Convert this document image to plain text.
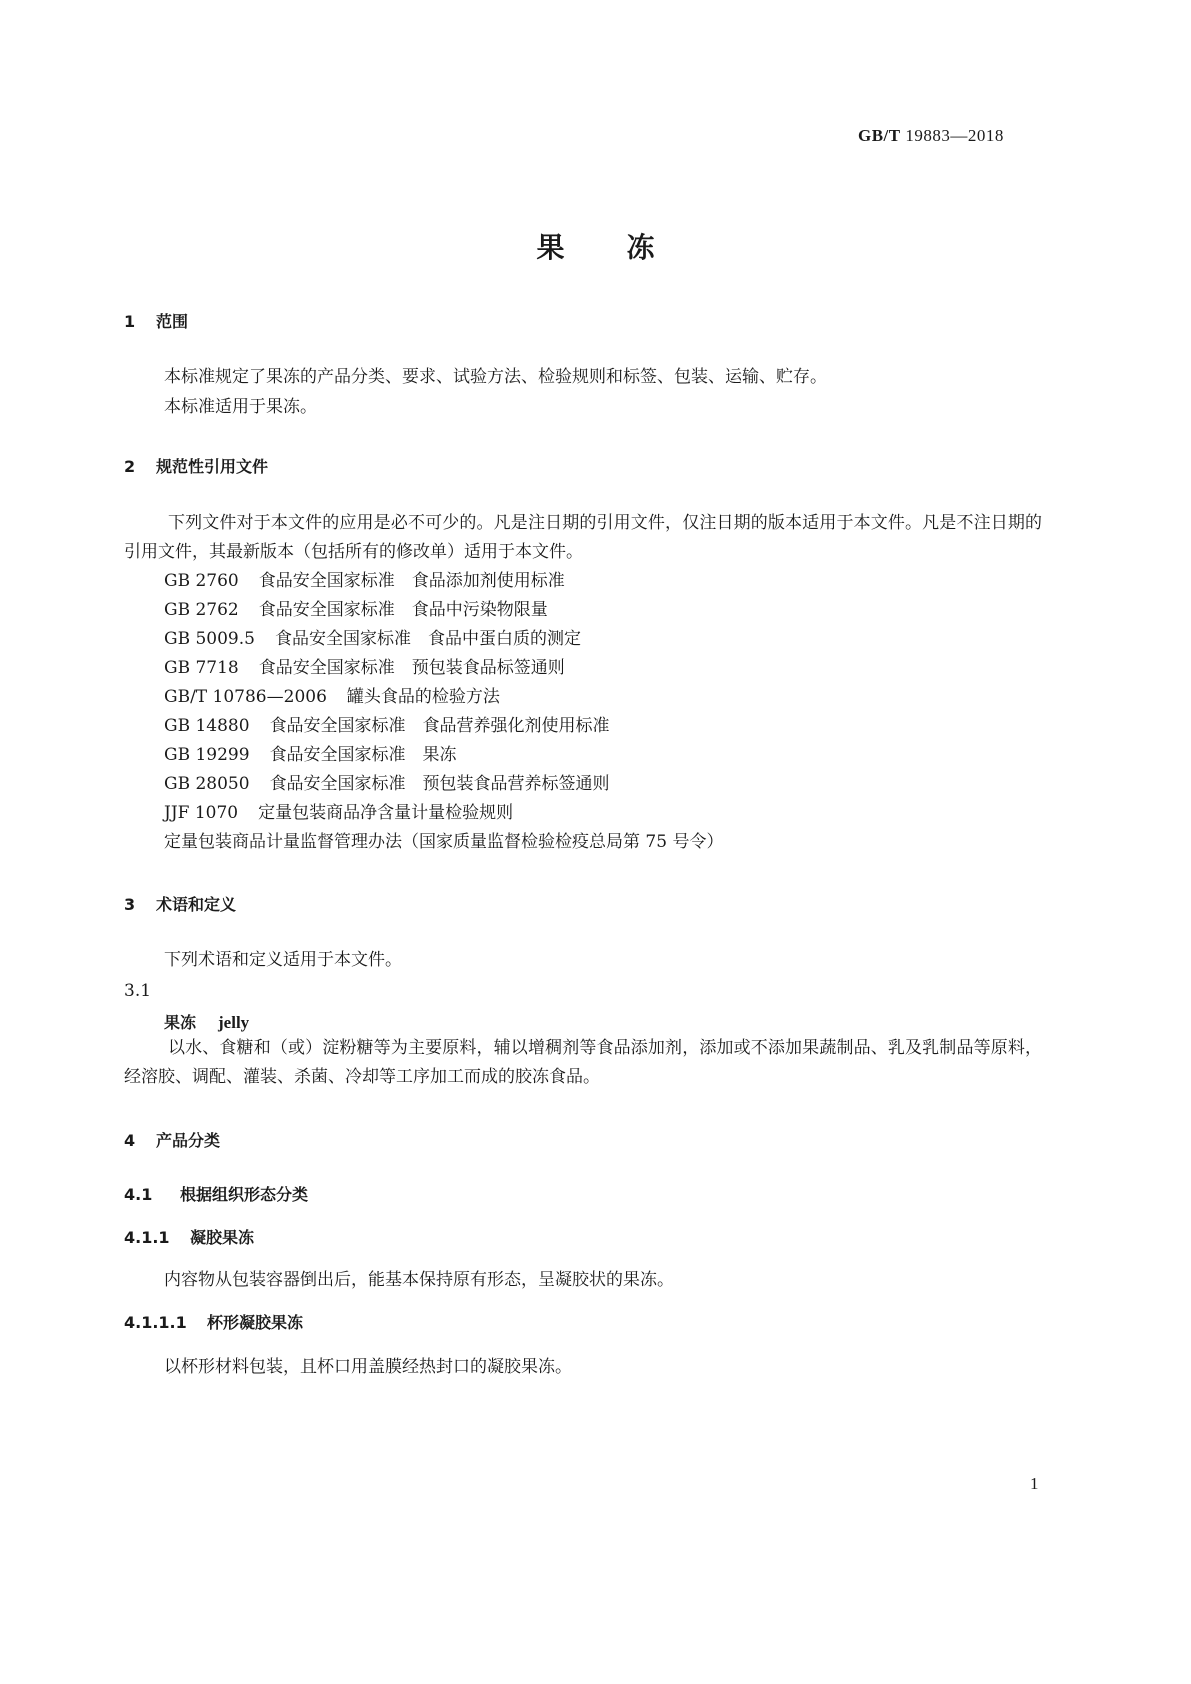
GB/T 19883—2018
果冻
1 范围
本标准规定了果冻的产品分类、要求、试验方法、检验规则和标签、包装、运输、贮存。
本标准适用于果冻。
2 规范性引用文件
下列文件对于本文件的应用是必不可少的。凡是注日期的引用文件，仅注日期的版本适用于本文件。凡是不注日期的引用文件，其最新版本（包括所有的修改单）适用于本文件。
GB 2760 食品安全国家标准　食品添加剂使用标准
GB 2762 食品安全国家标准　食品中污染物限量
GB 5009.5 食品安全国家标准　食品中蛋白质的测定
GB 7718 食品安全国家标准　预包装食品标签通则
GB/T 10786—2006 罐头食品的检验方法
GB 14880 食品安全国家标准　食品营养强化剂使用标准
GB 19299 食品安全国家标准　果冻
GB 28050 食品安全国家标准　预包装食品营养标签通则
JJF 1070 定量包装商品净含量计量检验规则
定量包装商品计量监督管理办法（国家质量监督检验检疫总局第 75 号令）
3 术语和定义
下列术语和定义适用于本文件。
3.1
果冻 jelly
以水、食糖和（或）淀粉糖等为主要原料，辅以增稠剂等食品添加剂，添加或不添加果蔬制品、乳及乳制品等原料，经溶胶、调配、灌装、杀菌、冷却等工序加工而成的胶冻食品。
4 产品分类
4.1 根据组织形态分类
4.1.1 凝胶果冻
内容物从包装容器倒出后，能基本保持原有形态，呈凝胶状的果冻。
4.1.1.1 杯形凝胶果冻
以杯形材料包装，且杯口用盖膜经热封口的凝胶果冻。
1
